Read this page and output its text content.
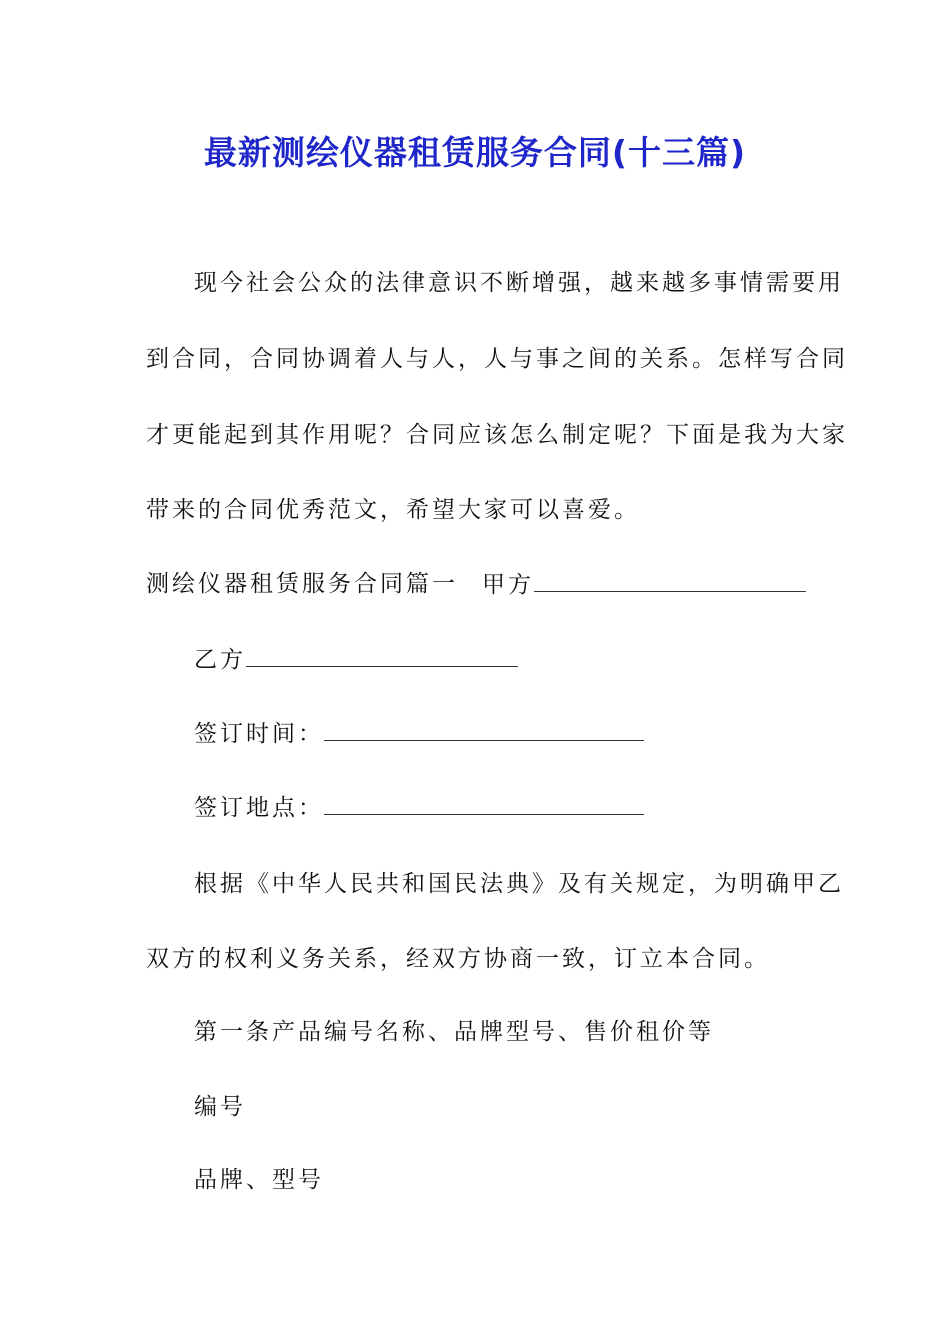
最新测绘仪器租赁服务合同(十三篇)
现今社会公众的法律意识不断增强，越来越多事情需要用
到合同，合同协调着人与人，人与事之间的关系。怎样写合同
才更能起到其作用呢？合同应该怎么制定呢？下面是我为大家
带来的合同优秀范文，希望大家可以喜爱。
测绘仪器租赁服务合同篇一 甲方
乙方
签订时间：
签订地点：
根据《中华人民共和国民法典》及有关规定，为明确甲乙
双方的权利义务关系，经双方协商一致，订立本合同。
第一条产品编号名称、品牌型号、售价租价等
编号
品牌、型号
